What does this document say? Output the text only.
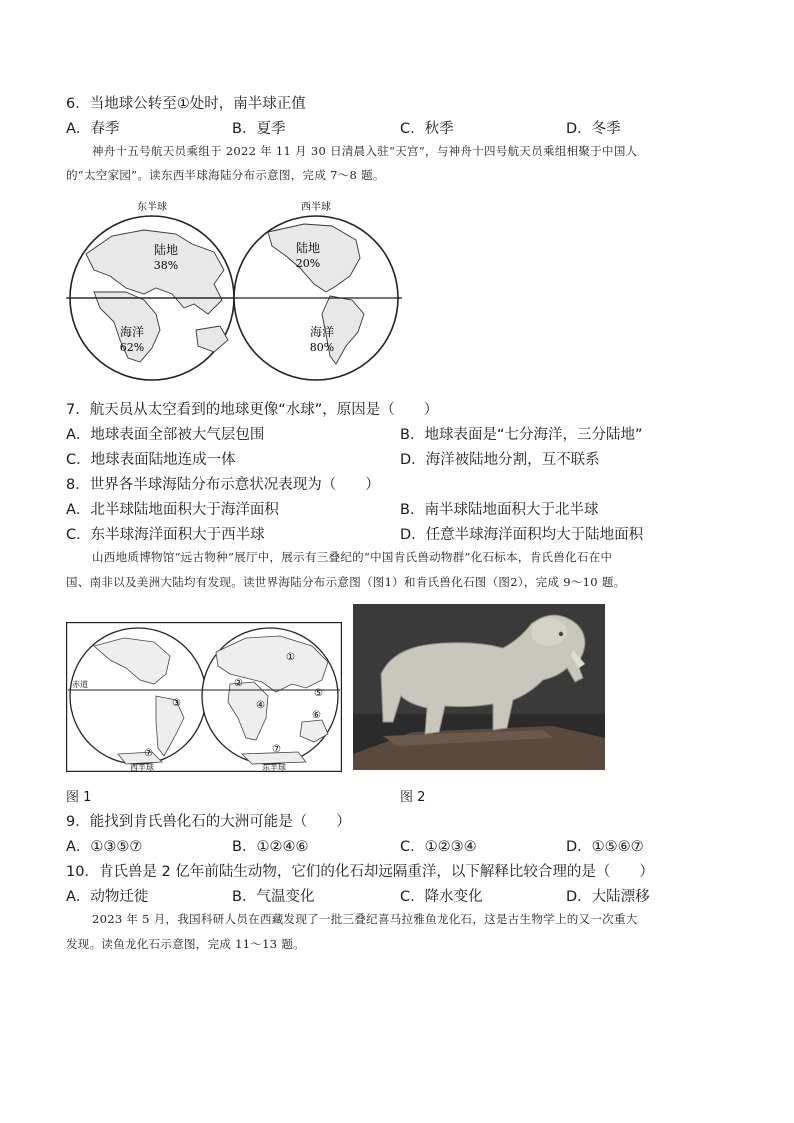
6．当地球公转至①处时，南半球正值
A．春季	B．夏季	C．秋季	D．冬季
神舟十五号航天员乘组于 2022 年 11 月 30 日清晨入驻“天宫”，与神舟十四号航天员乘组相聚于中国人
的“太空家园”。读东西半球海陆分布示意图，完成 7～8 题。
东半球	西半球
陆地
38%
海洋
62%
陆地
20%
海洋
80%
7．航天员从太空看到的地球更像“水球”，原因是（　　）
A．地球表面全部被大气层包围	B．地球表面是“七分海洋，三分陆地”
C．地球表面陆地连成一体	D．海洋被陆地分割，互不联系
8．世界各半球海陆分布示意状况表现为（　　）
A．北半球陆地面积大于海洋面积	B．南半球陆地面积大于北半球
C．东半球海洋面积大于西半球	D．任意半球海洋面积均大于陆地面积
山西地质博物馆“远古物种”展厅中，展示有三叠纪的“中国肯氏兽动物群”化石标本，肯氏兽化石在中
国、南非以及美洲大陆均有发现。读世界海陆分布示意图（图1）和肯氏兽化石图（图2），完成 9～10 题。
赤道
①
②
③	④
⑤
⑥
⑦	⑦
西半球	东半球
图 1	图 2
9．能找到肯氏兽化石的大洲可能是（　　）
A．①③⑤⑦	B．①②④⑥	C．①②③④	D．①⑤⑥⑦
10．肯氏兽是 2 亿年前陆生动物，它们的化石却远隔重洋，以下解释比较合理的是（　　）
A．动物迁徙	B．气温变化	C．降水变化	D．大陆漂移
2023 年 5 月，我国科研人员在西藏发现了一批三叠纪喜马拉雅鱼龙化石，这是古生物学上的又一次重大
发现。读鱼龙化石示意图，完成 11～13 题。
